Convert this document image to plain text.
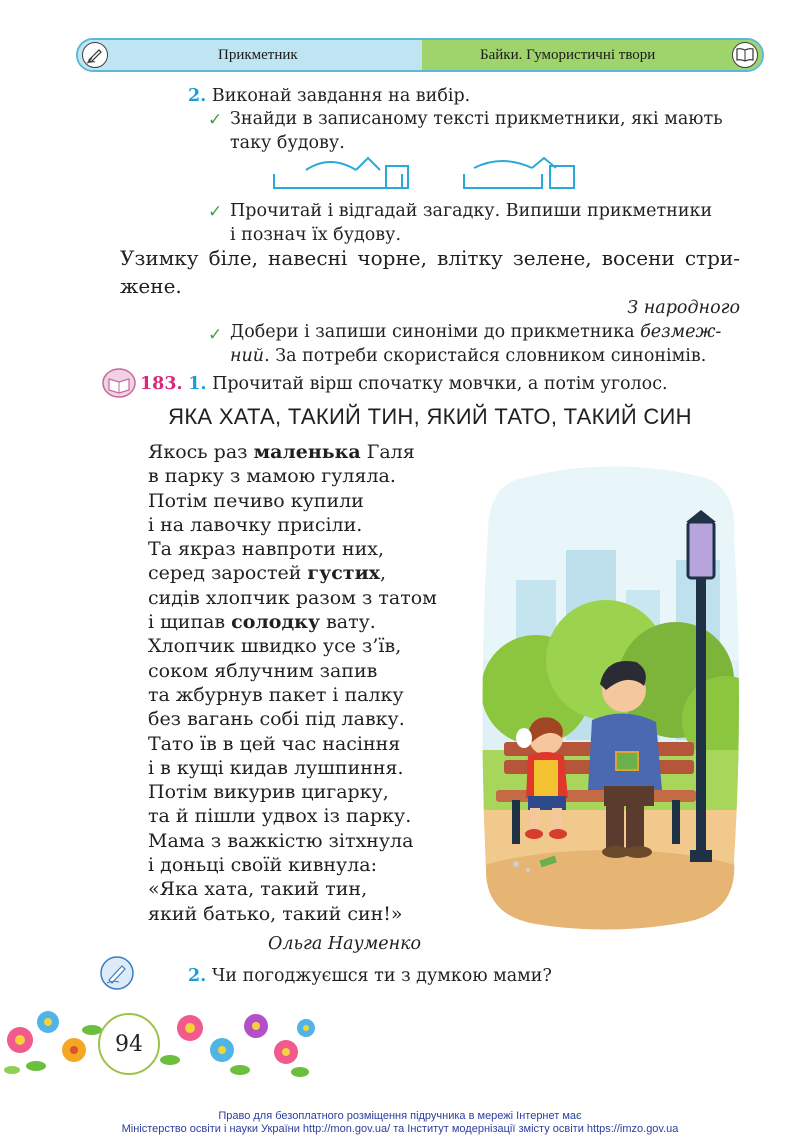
Прикметник	Байки. Гумористичні твори
2. Виконай завдання на вибір.
✓ Знайди в записаному тексті прикметники, які мають
таку будову.
✓ Прочитай і відгадай загадку. Випиши прикметники
і познач їх будову.
Узимку біле, навесні чорне, влітку зелене, восени стри-
жене.
З народного
✓ Добери і запиши синоніми до прикметника безмеж-
ний. За потреби скористайся словником синонімів.
183. 1. Прочитай вірш спочатку мовчки, а потім уголос.
ЯКА ХАТА, ТАКИЙ ТИН, ЯКИЙ ТАТО, ТАКИЙ СИН
Якось раз маленька Галя
в парку з мамою гуляла.
Потім печиво купили
і на лавочку присіли.
Та якраз навпроти них,
серед заростей густих,
сидів хлопчик разом з татом
і щипав солодку вату.
Хлопчик швидко усе з’їв,
соком яблучним запив
та жбурнув пакет і палку
без вагань собі під лавку.
Тато їв в цей час насіння
і в кущі кидав лушпиння.
Потім викурив цигарку,
та й пішли удвох із парку.
Мама з важкістю зітхнула
і доньці своїй кивнула:
«Яка хата, такий тин,
який батько, такий син!»
Ольга Науменко
2. Чи погоджуєшся ти з думкою мами?
94
Право для безоплатного розміщення підручника в мережі Інтернет має
Міністерство освіти і науки України http://mon.gov.ua/ та Інститут модернізації змісту освіти https://imzo.gov.ua
